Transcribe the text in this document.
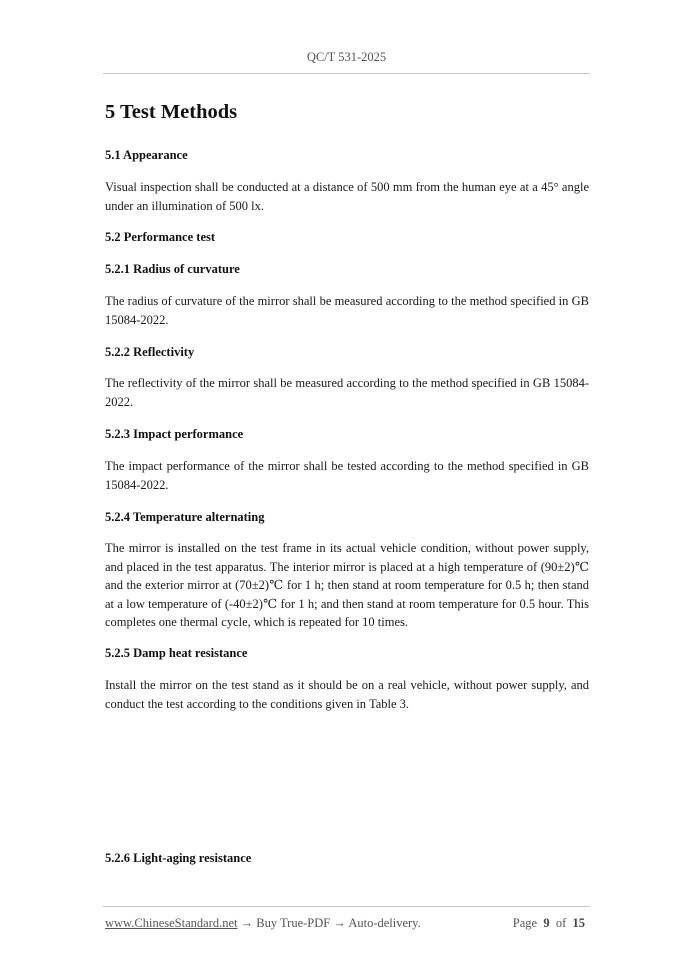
QC/T 531-2025
5 Test Methods
5.1 Appearance
Visual inspection shall be conducted at a distance of 500 mm from the human eye at a 45° angle under an illumination of 500 lx.
5.2 Performance test
5.2.1 Radius of curvature
The radius of curvature of the mirror shall be measured according to the method specified in GB 15084-2022.
5.2.2 Reflectivity
The reflectivity of the mirror shall be measured according to the method specified in GB 15084-2022.
5.2.3 Impact performance
The impact performance of the mirror shall be tested according to the method specified in GB 15084-2022.
5.2.4 Temperature alternating
The mirror is installed on the test frame in its actual vehicle condition, without power supply, and placed in the test apparatus. The interior mirror is placed at a high temperature of (90±2)℃ and the exterior mirror at (70±2)℃ for 1 h; then stand at room temperature for 0.5 h; then stand at a low temperature of (-40±2)℃ for 1 h; and then stand at room temperature for 0.5 hour. This completes one thermal cycle, which is repeated for 10 times.
5.2.5 Damp heat resistance
Install the mirror on the test stand as it should be on a real vehicle, without power supply, and conduct the test according to the conditions given in Table 3.
5.2.6 Light-aging resistance
www.ChineseStandard.net → Buy True-PDF → Auto-delivery.	Page 9 of 15
